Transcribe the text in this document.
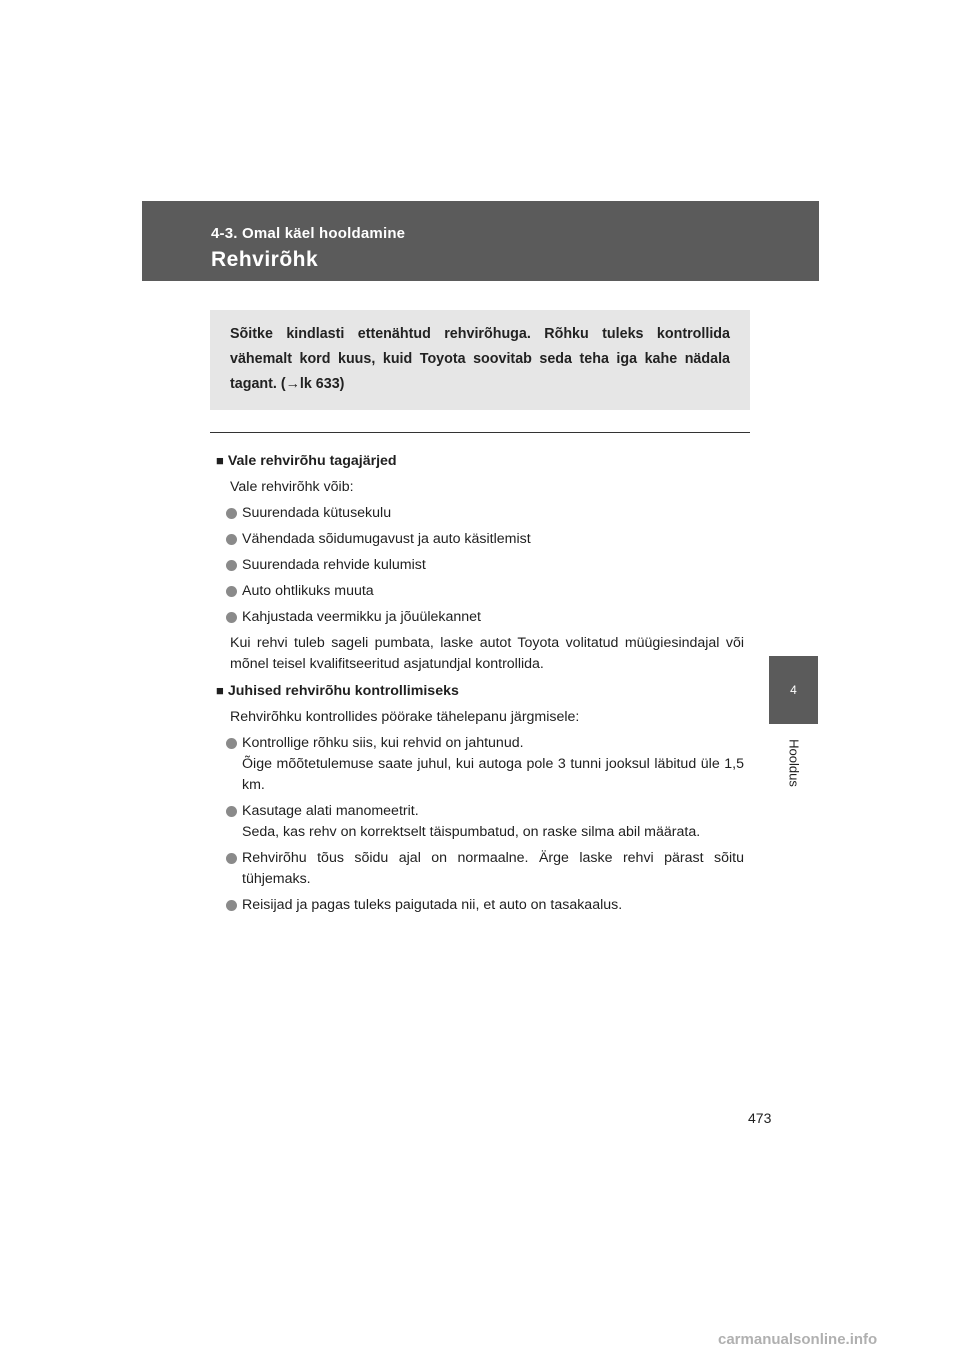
4-3. Omal käel hooldamine
Rehvirõhk
Sõitke kindlasti ettenähtud rehvirõhuga. Rõhku tuleks kontrollida vähemalt kord kuus, kuid Toyota soovitab seda teha iga kahe nädala tagant. (→lk 633)

■ Vale rehvirõhu tagajärjed

Vale rehvirõhk võib:
Suurendada kütusekulu
Vähendada sõidumugavust ja auto käsitlemist
Suurendada rehvide kulumist
Auto ohtlikuks muuta
Kahjustada veermikku ja jõuülekannet
Kui rehvi tuleb sageli pumbata, laske autot Toyota volitatud müügiesindajal või mõnel teisel kvalifitseeritud asjatundjal kontrollida.

■ Juhised rehvirõhu kontrollimiseks

Rehvirõhku kontrollides pöörake tähelepanu järgmisele:
Kontrollige rõhku siis, kui rehvid on jahtunud.
Õige mõõtetulemuse saate juhul, kui autoga pole 3 tunni jooksul läbitud üle 1,5 km.
Kasutage alati manomeetrit.
Seda, kas rehv on korrektselt täispumbatud, on raske silma abil määrata.
Rehvirõhu tõus sõidu ajal on normaalne. Ärge laske rehvi pärast sõitu tühjemaks.
Reisijad ja pagas tuleks paigutada nii, et auto on tasakaalus.
4
Hooldus
473
carmanualsonline.info
